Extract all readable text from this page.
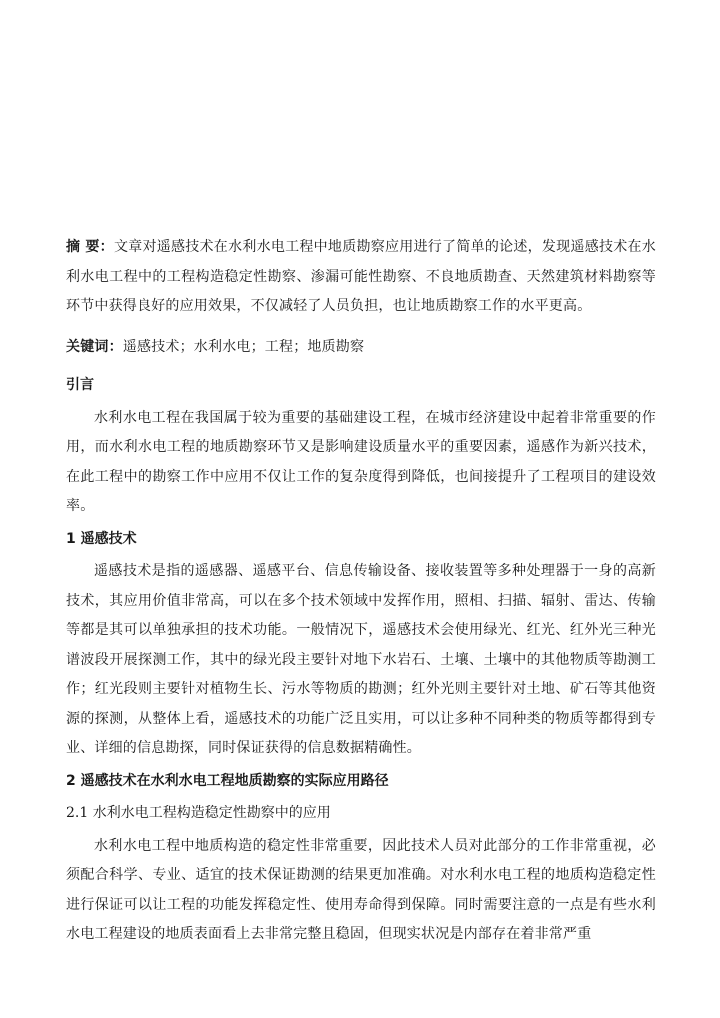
摘 要：文章对遥感技术在水利水电工程中地质勘察应用进行了简单的论述，发现遥感技术在水利水电工程中的工程构造稳定性勘察、渗漏可能性勘察、不良地质勘查、天然建筑材料勘察等环节中获得良好的应用效果，不仅减轻了人员负担，也让地质勘察工作的水平更高。

关键词：遥感技术；水利水电；工程；地质勘察

引言

水利水电工程在我国属于较为重要的基础建设工程，在城市经济建设中起着非常重要的作用，而水利水电工程的地质勘察环节又是影响建设质量水平的重要因素，遥感作为新兴技术，在此工程中的勘察工作中应用不仅让工作的复杂度得到降低，也间接提升了工程项目的建设效率。

1 遥感技术

遥感技术是指的遥感器、遥感平台、信息传输设备、接收装置等多种处理器于一身的高新技术，其应用价值非常高，可以在多个技术领域中发挥作用，照相、扫描、辐射、雷达、传输等都是其可以单独承担的技术功能。一般情况下，遥感技术会使用绿光、红光、红外光三种光谱波段开展探测工作，其中的绿光段主要针对地下水岩石、土壤、土壤中的其他物质等勘测工作；红光段则主要针对植物生长、污水等物质的勘测；红外光则主要针对土地、矿石等其他资源的探测，从整体上看，遥感技术的功能广泛且实用，可以让多种不同种类的物质等都得到专业、详细的信息勘探，同时保证获得的信息数据精确性。

2 遥感技术在水利水电工程地质勘察的实际应用路径
2.1 水利水电工程构造稳定性勘察中的应用

水利水电工程中地质构造的稳定性非常重要，因此技术人员对此部分的工作非常重视，必须配合科学、专业、适宜的技术保证勘测的结果更加准确。对水利水电工程的地质构造稳定性进行保证可以让工程的功能发挥稳定性、使用寿命得到保障。同时需要注意的一点是有些水利水电工程建设的地质表面看上去非常完整且稳固，但现实状况是内部存在着非常严重
